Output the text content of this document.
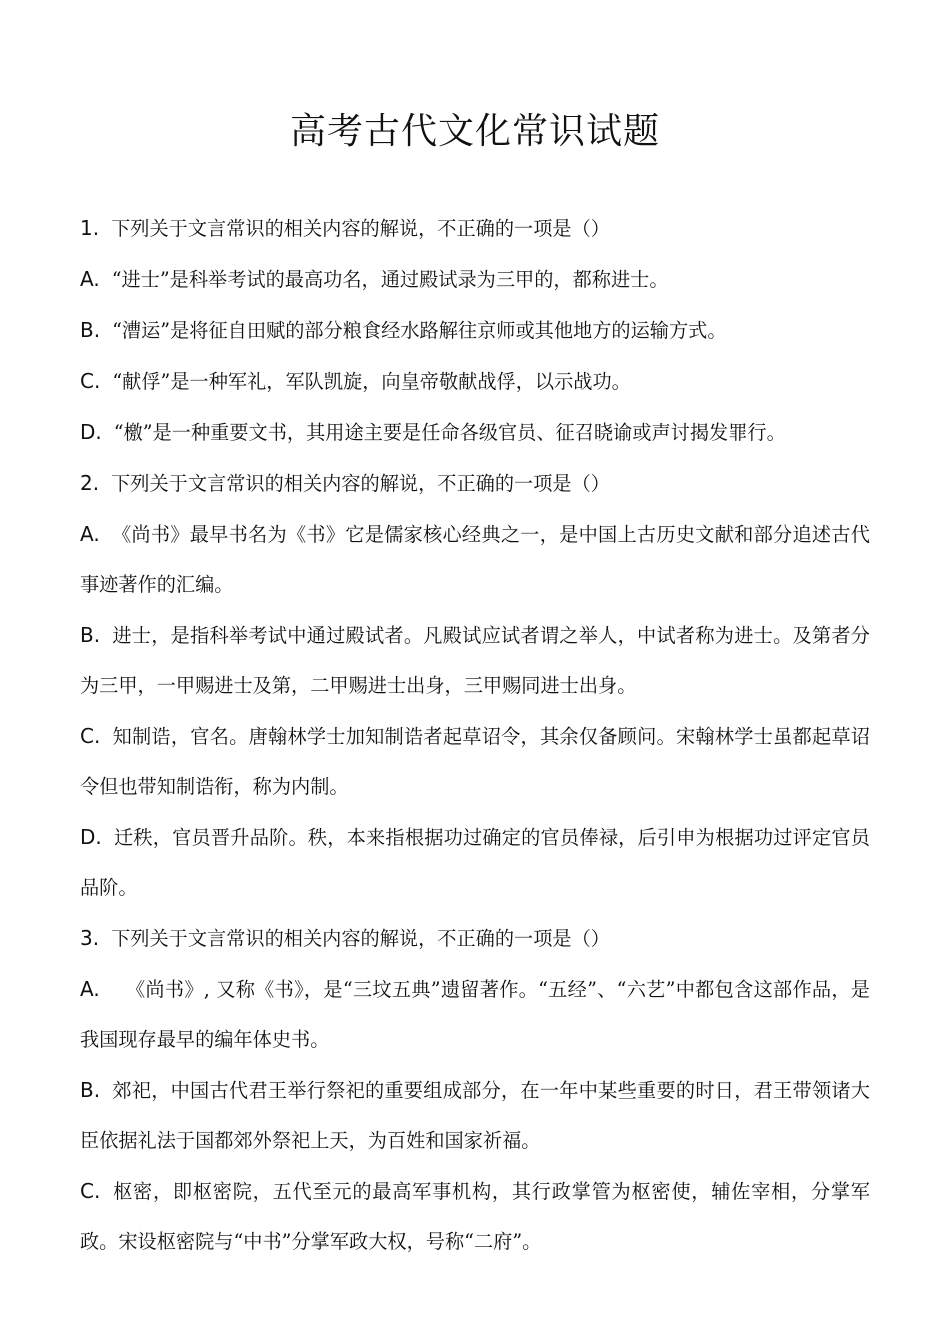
高考古代文化常识试题

1. 下列关于文言常识的相关内容的解说，不正确的一项是（）

A. “进士”是科举考试的最高功名，通过殿试录为三甲的，都称进士。

B. “漕运”是将征自田赋的部分粮食经水路解往京师或其他地方的运输方式。

C. “献俘”是一种军礼，军队凯旋，向皇帝敬献战俘，以示战功。

D. “檄”是一种重要文书，其用途主要是任命各级官员、征召晓谕或声讨揭发罪行。

2. 下列关于文言常识的相关内容的解说，不正确的一项是（）

A. 《尚书》最早书名为《书》它是儒家核心经典之一，是中国上古历史文献和部分追述古代事迹著作的汇编。

B. 进士，是指科举考试中通过殿试者。凡殿试应试者谓之举人，中试者称为进士。及第者分为三甲，一甲赐进士及第，二甲赐进士出身，三甲赐同进士出身。

C. 知制诰，官名。唐翰林学士加知制诰者起草诏令，其余仅备顾问。宋翰林学士虽都起草诏令但也带知制诰衔，称为内制。

D. 迁秩，官员晋升品阶。秩，本来指根据功过确定的官员俸禄，后引申为根据功过评定官员品阶。

3. 下列关于文言常识的相关内容的解说，不正确的一项是（）

A. 《尚书》, 又称《书》，是“三坟五典”遗留著作。“五经”、“六艺”中都包含这部作品，是我国现存最早的编年体史书。

B. 郊祀，中国古代君王举行祭祀的重要组成部分，在一年中某些重要的时日，君王带领诸大臣依据礼法于国都郊外祭祀上天，为百姓和国家祈福。

C. 枢密，即枢密院，五代至元的最高军事机构，其行政掌管为枢密使，辅佐宰相，分掌军政。宋设枢密院与“中书”分掌军政大权，号称“二府”。
